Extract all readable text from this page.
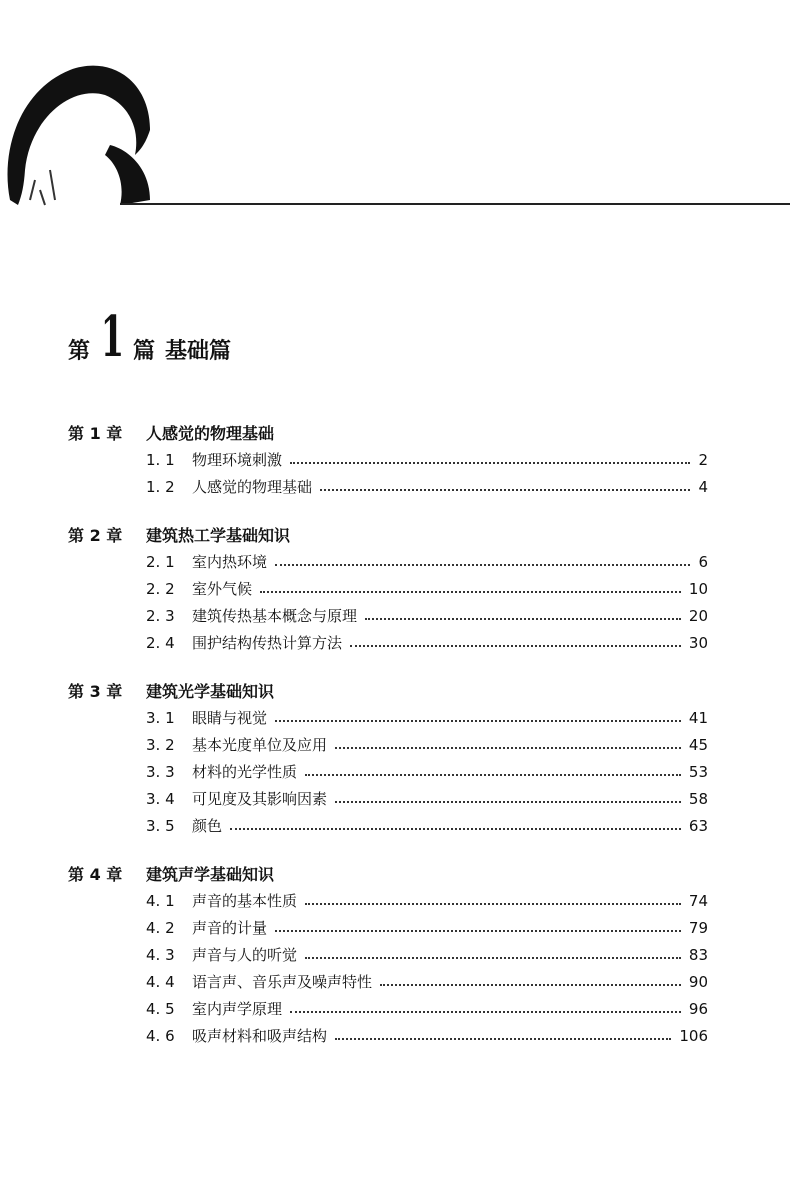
第 1 篇 基础篇
第 1 章	人感觉的物理基础
1. 1	物理环境刺激	2
1. 2	人感觉的物理基础	4
第 2 章	建筑热工学基础知识
2. 1	室内热环境	6
2. 2	室外气候	10
2. 3	建筑传热基本概念与原理	20
2. 4	围护结构传热计算方法	30
第 3 章	建筑光学基础知识
3. 1	眼睛与视觉	41
3. 2	基本光度单位及应用	45
3. 3	材料的光学性质	53
3. 4	可见度及其影响因素	58
3. 5	颜色	63
第 4 章	建筑声学基础知识
4. 1	声音的基本性质	74
4. 2	声音的计量	79
4. 3	声音与人的听觉	83
4. 4	语言声、音乐声及噪声特性	90
4. 5	室内声学原理	96
4. 6	吸声材料和吸声结构	106
